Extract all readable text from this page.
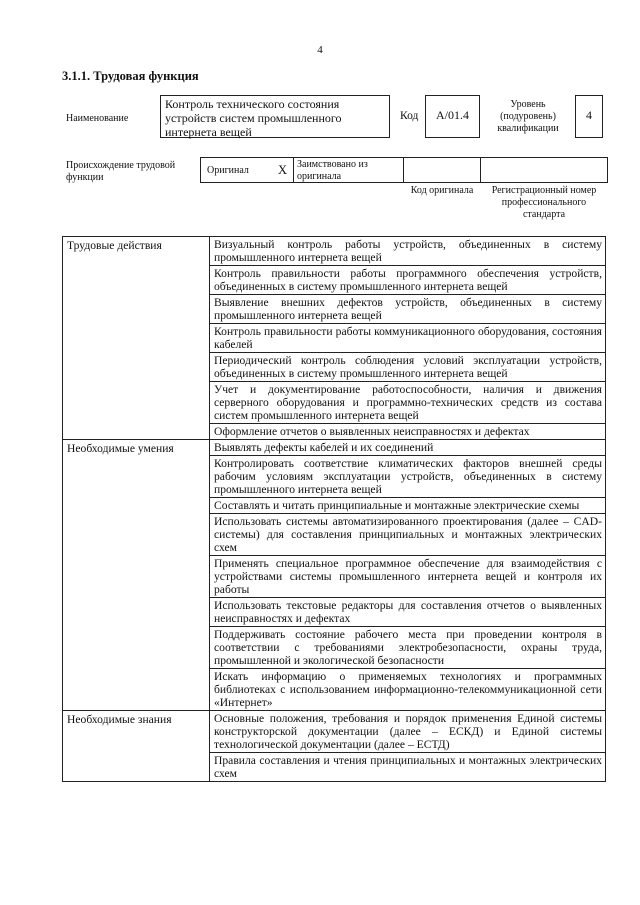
4
3.1.1. Трудовая функция
Наименование
Контроль технического состояния устройств систем промышленного интернета вещей
Код	A/01.4
Уровень (подуровень) квалификации
4
Происхождение трудовой функции
Оригинал X Заимствовано из оригинала
Код оригинала	Регистрационный номер профессионального стандарта
Трудовые действия	Визуальный контроль работы устройств, объединенных в систему промышленного интернета вещей
	Контроль правильности работы программного обеспечения устройств, объединенных в систему промышленного интернета вещей
	Выявление внешних дефектов устройств, объединенных в систему промышленного интернета вещей
	Контроль правильности работы коммуникационного оборудования, состояния кабелей
	Периодический контроль соблюдения условий эксплуатации устройств, объединенных в систему промышленного интернета вещей
	Учет и документирование работоспособности, наличия и движения серверного оборудования и программно-технических средств из состава систем промышленного интернета вещей
	Оформление отчетов о выявленных неисправностях и дефектах
Необходимые умения	Выявлять дефекты кабелей и их соединений
	Контролировать соответствие климатических факторов внешней среды рабочим условиям эксплуатации устройств, объединенных в систему промышленного интернета вещей
	Составлять и читать принципиальные и монтажные электрические схемы
	Использовать системы автоматизированного проектирования (далее – CAD-системы) для составления принципиальных и монтажных электрических схем
	Применять специальное программное обеспечение для взаимодействия с устройствами системы промышленного интернета вещей и контроля их работы
	Использовать текстовые редакторы для составления отчетов о выявленных неисправностях и дефектах
	Поддерживать состояние рабочего места при проведении контроля в соответствии с требованиями электробезопасности, охраны труда, промышленной и экологической безопасности
	Искать информацию о применяемых технологиях и программных библиотеках с использованием информационно-телекоммуникационной сети «Интернет»
Необходимые знания	Основные положения, требования и порядок применения Единой системы конструкторской документации (далее – ЕСКД) и Единой системы технологической документации (далее – ЕСТД)
	Правила составления и чтения принципиальных и монтажных электрических схем
